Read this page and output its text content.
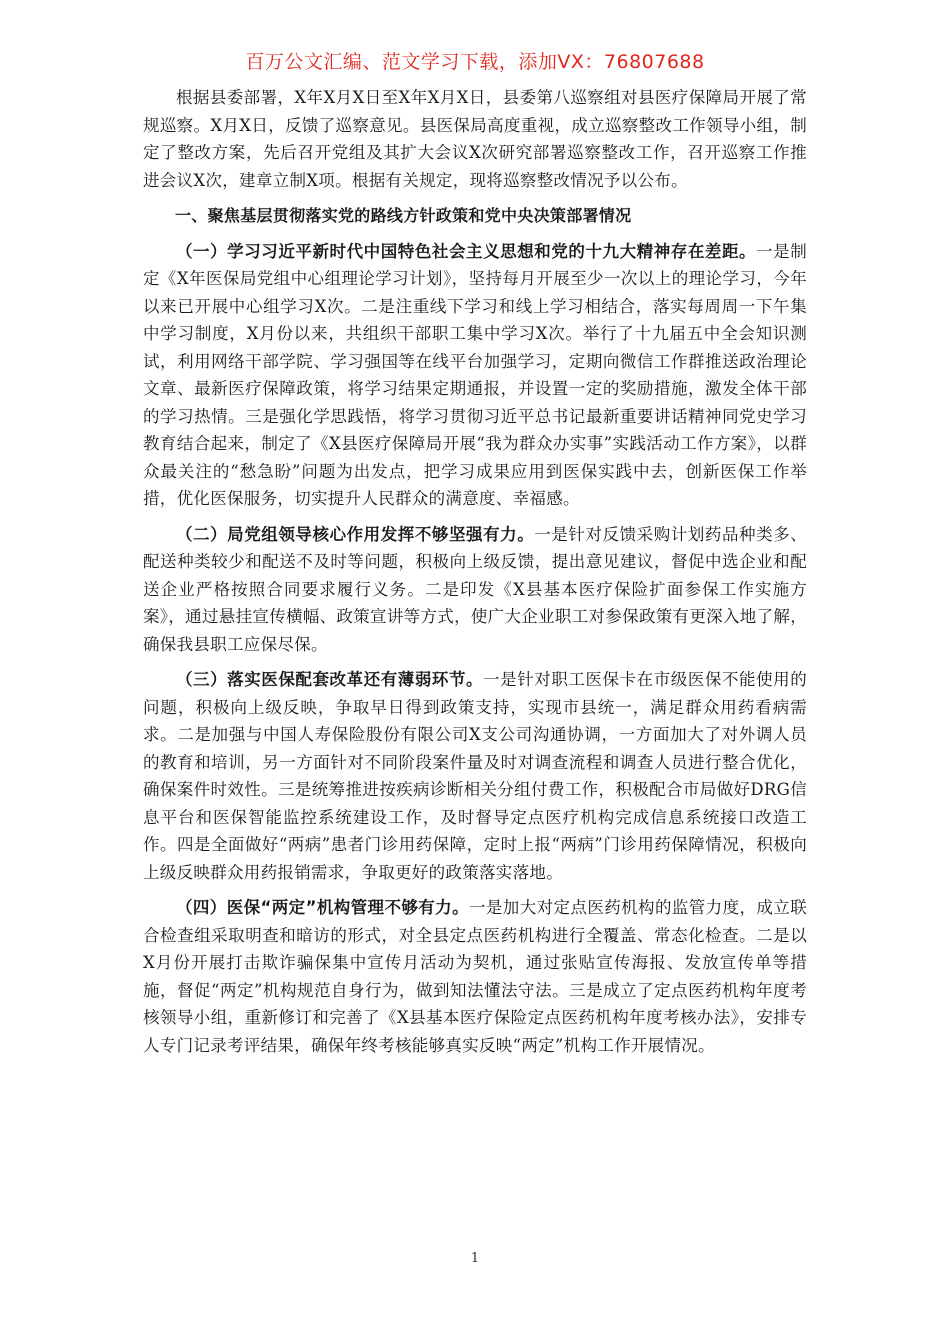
百万公文汇编、范文学习下载，添加VX：76807688

根据县委部署，X年X月X日至X年X月X日，县委第八巡察组对县医疗保障局开展了常规巡察。X月X日，反馈了巡察意见。县医保局高度重视，成立巡察整改工作领导小组，制定了整改方案，先后召开党组及其扩大会议X次研究部署巡察整改工作，召开巡察工作推进会议X次，建章立制X项。根据有关规定，现将巡察整改情况予以公布。

一、聚焦基层贯彻落实党的路线方针政策和党中央决策部署情况

（一）学习习近平新时代中国特色社会主义思想和党的十九大精神存在差距。一是制定《X年医保局党组中心组理论学习计划》，坚持每月开展至少一次以上的理论学习，今年以来已开展中心组学习X次。二是注重线下学习和线上学习相结合，落实每周周一下午集中学习制度，X月份以来，共组织干部职工集中学习X次。举行了十九届五中全会知识测试，利用网络干部学院、学习强国等在线平台加强学习，定期向微信工作群推送政治理论文章、最新医疗保障政策，将学习结果定期通报，并设置一定的奖励措施，激发全体干部的学习热情。三是强化学思践悟，将学习贯彻习近平总书记最新重要讲话精神同党史学习教育结合起来，制定了《X县医疗保障局开展“我为群众办实事”实践活动工作方案》，以群众最关注的“愁急盼”问题为出发点，把学习成果应用到医保实践中去，创新医保工作举措，优化医保服务，切实提升人民群众的满意度、幸福感。

（二）局党组领导核心作用发挥不够坚强有力。一是针对反馈采购计划药品种类多、配送种类较少和配送不及时等问题，积极向上级反馈，提出意见建议，督促中选企业和配送企业严格按照合同要求履行义务。二是印发《X县基本医疗保险扩面参保工作实施方案》，通过悬挂宣传横幅、政策宣讲等方式，使广大企业职工对参保政策有更深入地了解，确保我县职工应保尽保。

（三）落实医保配套改革还有薄弱环节。一是针对职工医保卡在市级医保不能使用的问题，积极向上级反映，争取早日得到政策支持，实现市县统一，满足群众用药看病需求。二是加强与中国人寿保险股份有限公司X支公司沟通协调，一方面加大了对外调人员的教育和培训，另一方面针对不同阶段案件量及时对调查流程和调查人员进行整合优化，确保案件时效性。三是统筹推进按疾病诊断相关分组付费工作，积极配合市局做好DRG信息平台和医保智能监控系统建设工作，及时督导定点医疗机构完成信息系统接口改造工作。四是全面做好“两病”患者门诊用药保障，定时上报“两病”门诊用药保障情况，积极向上级反映群众用药报销需求，争取更好的政策落实落地。

（四）医保“两定”机构管理不够有力。一是加大对定点医药机构的监管力度，成立联合检查组采取明查和暗访的形式，对全县定点医药机构进行全覆盖、常态化检查。二是以X月份开展打击欺诈骗保集中宣传月活动为契机，通过张贴宣传海报、发放宣传单等措施，督促“两定”机构规范自身行为，做到知法懂法守法。三是成立了定点医药机构年度考核领导小组，重新修订和完善了《X县基本医疗保险定点医药机构年度考核办法》，安排专人专门记录考评结果，确保年终考核能够真实反映“两定”机构工作开展情况。

1
